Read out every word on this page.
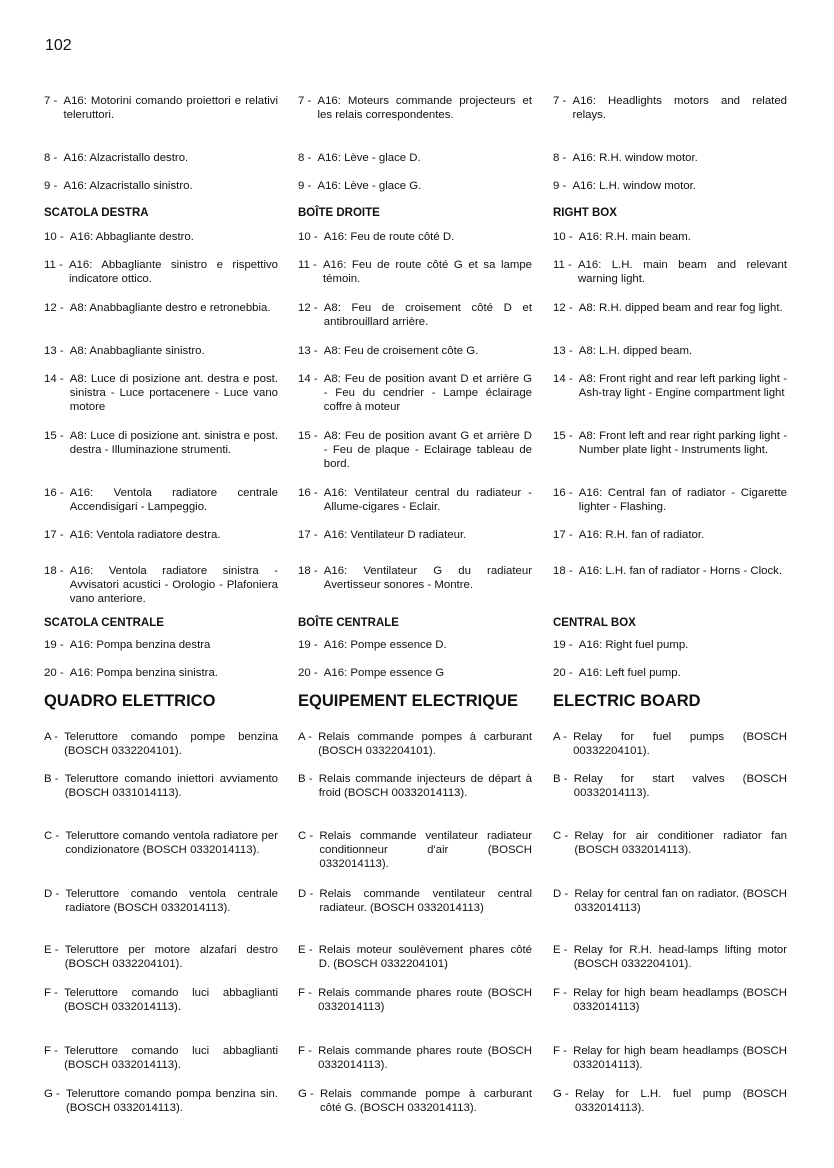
102
7 - A16: Motorini comando proiettori e relativi teleruttori.
8 - A16: Alzacristallo destro.
9 - A16: Alzacristallo sinistro.
SCATOLA DESTRA
10 - A16: Abbagliante destro.
11 - A16: Abbagliante sinistro e rispettivo indicatore ottico.
12 - A8: Anabbagliante destro e retronebbia.
13 - A8: Anabbagliante sinistro.
14 - A8: Luce di posizione ant. destra e post. sinistra - Luce portacenere - Luce vano motore
15 - A8: Luce di posizione ant. sinistra e post. destra - Illuminazione strumenti.
16 - A16: Ventola radiatore centrale Accendisigari - Lampeggio.
17 - A16: Ventola radiatore destra.
18 - A16: Ventola radiatore sinistra - Avvisatori acustici - Orologio - Plafoniera vano anteriore.
SCATOLA CENTRALE
19 - A16: Pompa benzina destra
20 - A16: Pompa benzina sinistra.
QUADRO ELETTRICO
A - Teleruttore comando pompe benzina (BOSCH 0332204101).
B - Teleruttore comando iniettori avviamento (BOSCH 0331014113).
C - Teleruttore comando ventola radiatore per condizionatore (BOSCH 0332014113).
D - Teleruttore comando ventola centrale radiatore (BOSCH 0332014113).
E - Teleruttore per motore alzafari destro (BOSCH 0332204101).
F - Teleruttore comando luci abbaglianti (BOSCH 0332014113).
F - Teleruttore comando luci abbaglianti (BOSCH 0332014113).
G - Teleruttore comando pompa benzina sin. (BOSCH 0332014113).
7 - A16: Moteurs commande projecteurs et les relais correspondentes.
8 - A16: Lève - glace D.
9 - A16: Lève - glace G.
BOÎTE DROITE
10 - A16: Feu de route côté D.
11 - A16: Feu de route côté G et sa lampe témoin.
12 - A8: Feu de croisement côté D et antibrouillard arrière.
13 - A8: Feu de croisement côte G.
14 - A8: Feu de position avant D et arrière G - Feu du cendrier - Lampe éclairage coffre à moteur
15 - A8: Feu de position avant G et arrière D - Feu de plaque - Eclairage tableau de bord.
16 - A16: Ventilateur central du radiateur - Allume-cigares - Eclair.
17 - A16: Ventilateur D radiateur.
18 - A16: Ventilateur G du radiateur Avertisseur sonores - Montre.
BOÎTE CENTRALE
19 - A16: Pompe essence D.
20 - A16: Pompe essence G
EQUIPEMENT ELECTRIQUE
A - Relais commande pompes à carburant (BOSCH 0332204101).
B - Relais commande injecteurs de départ à froid (BOSCH 00332014113).
C - Relais commande ventilateur radiateur conditionneur d'air (BOSCH 0332014113).
D - Relais commande ventilateur central radiateur. (BOSCH 0332014113)
E - Relais moteur soulèvement phares côté D. (BOSCH 0332204101)
F - Relais commande phares route (BOSCH 0332014113)
F - Relais commande phares route (BOSCH 0332014113).
G - Relais commande pompe à carburant côté G. (BOSCH 0332014113).
7 - A16: Headlights motors and related relays.
8 - A16: R.H. window motor.
9 - A16: L.H. window motor.
RIGHT BOX
10 - A16: R.H. main beam.
11 - A16: L.H. main beam and relevant warning light.
12 - A8: R.H. dipped beam and rear fog light.
13 - A8: L.H. dipped beam.
14 - A8: Front right and rear left parking light - Ash-tray light - Engine compartment light
15 - A8: Front left and rear right parking light - Number plate light - Instruments light.
16 - A16: Central fan of radiator - Cigarette lighter - Flashing.
17 - A16: R.H. fan of radiator.
18 - A16: L.H. fan of radiator - Horns - Clock.
CENTRAL BOX
19 - A16: Right fuel pump.
20 - A16: Left fuel pump.
ELECTRIC BOARD
A - Relay for fuel pumps (BOSCH 00332204101).
B - Relay for start valves (BOSCH 00332014113).
C - Relay for air conditioner radiator fan (BOSCH 0332014113).
D - Relay for central fan on radiator. (BOSCH 0332014113)
E - Relay for R.H. head-lamps lifting motor (BOSCH 0332204101).
F - Relay for high beam headlamps (BOSCH 0332014113)
F - Relay for high beam headlamps (BOSCH 0332014113).
G - Relay for L.H. fuel pump (BOSCH 0332014113).
